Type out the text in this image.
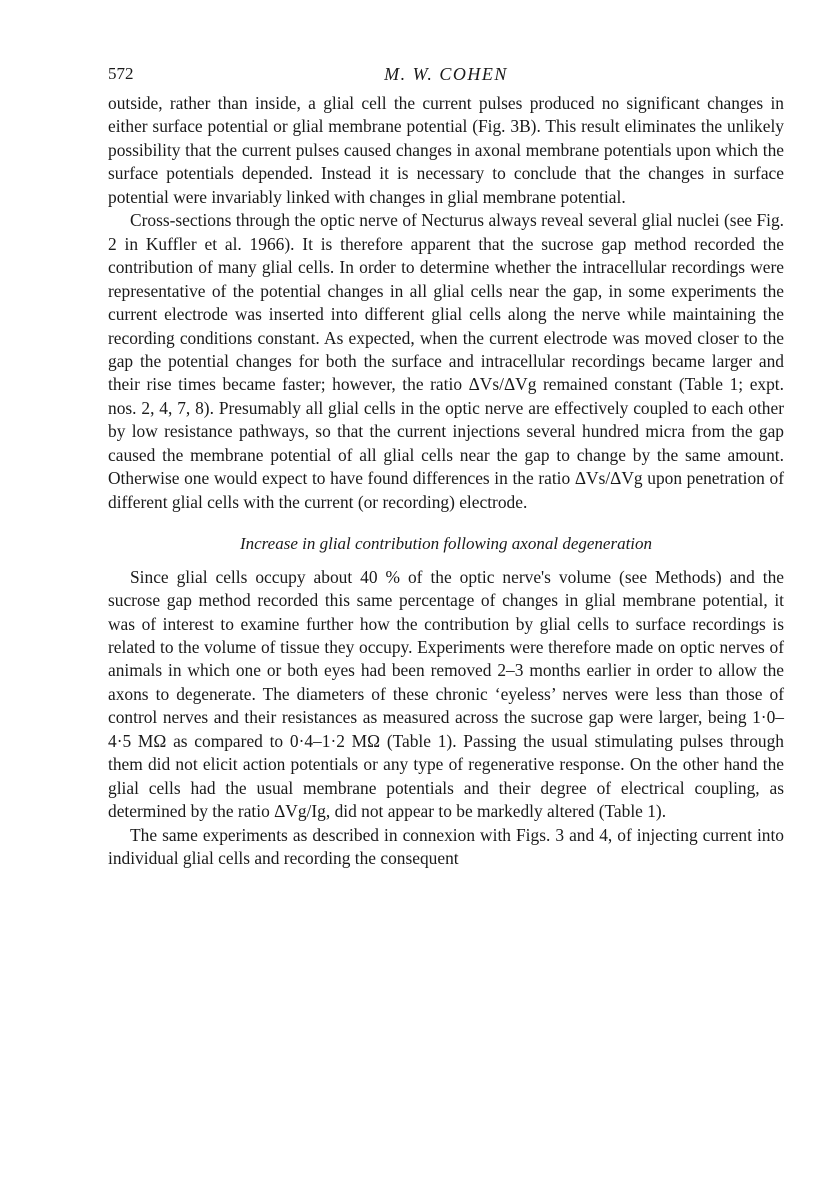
572	M. W. COHEN

outside, rather than inside, a glial cell the current pulses produced no significant changes in either surface potential or glial membrane potential (Fig. 3B). This result eliminates the unlikely possibility that the current pulses caused changes in axonal membrane potentials upon which the surface potentials depended. Instead it is necessary to conclude that the changes in surface potential were invariably linked with changes in glial membrane potential.

Cross-sections through the optic nerve of Necturus always reveal several glial nuclei (see Fig. 2 in Kuffler et al. 1966). It is therefore apparent that the sucrose gap method recorded the contribution of many glial cells. In order to determine whether the intracellular recordings were representative of the potential changes in all glial cells near the gap, in some experiments the current electrode was inserted into different glial cells along the nerve while maintaining the recording conditions constant. As expected, when the current electrode was moved closer to the gap the potential changes for both the surface and intracellular recordings became larger and their rise times became faster; however, the ratio ΔVs/ΔVg remained constant (Table 1; expt. nos. 2, 4, 7, 8). Presumably all glial cells in the optic nerve are effectively coupled to each other by low resistance pathways, so that the current injections several hundred micra from the gap caused the membrane potential of all glial cells near the gap to change by the same amount. Otherwise one would expect to have found differences in the ratio ΔVs/ΔVg upon penetration of different glial cells with the current (or recording) electrode.

Increase in glial contribution following axonal degeneration

Since glial cells occupy about 40 % of the optic nerve's volume (see Methods) and the sucrose gap method recorded this same percentage of changes in glial membrane potential, it was of interest to examine further how the contribution by glial cells to surface recordings is related to the volume of tissue they occupy. Experiments were therefore made on optic nerves of animals in which one or both eyes had been removed 2–3 months earlier in order to allow the axons to degenerate. The diameters of these chronic ‘eyeless’ nerves were less than those of control nerves and their resistances as measured across the sucrose gap were larger, being 1·0–4·5 MΩ as compared to 0·4–1·2 MΩ (Table 1). Passing the usual stimulating pulses through them did not elicit action potentials or any type of regenerative response. On the other hand the glial cells had the usual membrane potentials and their degree of electrical coupling, as determined by the ratio ΔVg/Ig, did not appear to be markedly altered (Table 1).

The same experiments as described in connexion with Figs. 3 and 4, of injecting current into individual glial cells and recording the consequent
